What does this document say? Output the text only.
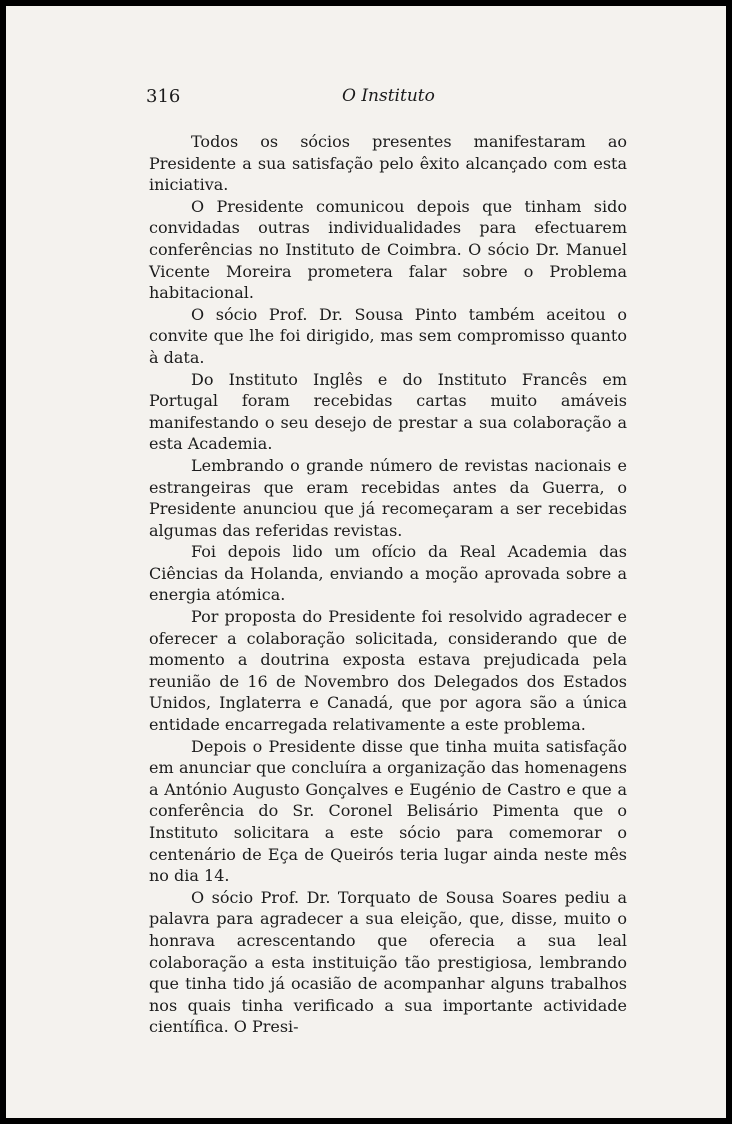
316	O Instituto

Todos os sócios presentes manifestaram ao Presidente a sua satisfação pelo êxito alcançado com esta iniciativa.

O Presidente comunicou depois que tinham sido convidadas outras individualidades para efectuarem conferências no Instituto de Coimbra. O sócio Dr. Manuel Vicente Moreira prometera falar sobre o Problema habitacional.

O sócio Prof. Dr. Sousa Pinto também aceitou o convite que lhe foi dirigido, mas sem compromisso quanto à data.

Do Instituto Inglês e do Instituto Francês em Portugal foram recebidas cartas muito amáveis manifestando o seu desejo de prestar a sua colaboração a esta Academia.

Lembrando o grande número de revistas nacionais e estrangeiras que eram recebidas antes da Guerra, o Presidente anunciou que já recomeçaram a ser recebidas algumas das referidas revistas.

Foi depois lido um ofício da Real Academia das Ciências da Holanda, enviando a moção aprovada sobre a energia atómica.

Por proposta do Presidente foi resolvido agradecer e oferecer a colaboração solicitada, considerando que de momento a doutrina exposta estava prejudicada pela reunião de 16 de Novembro dos Delegados dos Estados Unidos, Inglaterra e Canadá, que por agora são a única entidade encarregada relativamente a este problema.

Depois o Presidente disse que tinha muita satisfação em anunciar que concluíra a organização das homenagens a António Augusto Gonçalves e Eugénio de Castro e que a conferência do Sr. Coronel Belisário Pimenta que o Instituto solicitara a este sócio para comemorar o centenário de Eça de Queirós teria lugar ainda neste mês no dia 14.

O sócio Prof. Dr. Torquato de Sousa Soares pediu a palavra para agradecer a sua eleição, que, disse, muito o honrava acrescentando que oferecia a sua leal colaboração a esta instituição tão prestigiosa, lembrando que tinha tido já ocasião de acompanhar alguns trabalhos nos quais tinha verificado a sua importante actividade científica. O Presi-
